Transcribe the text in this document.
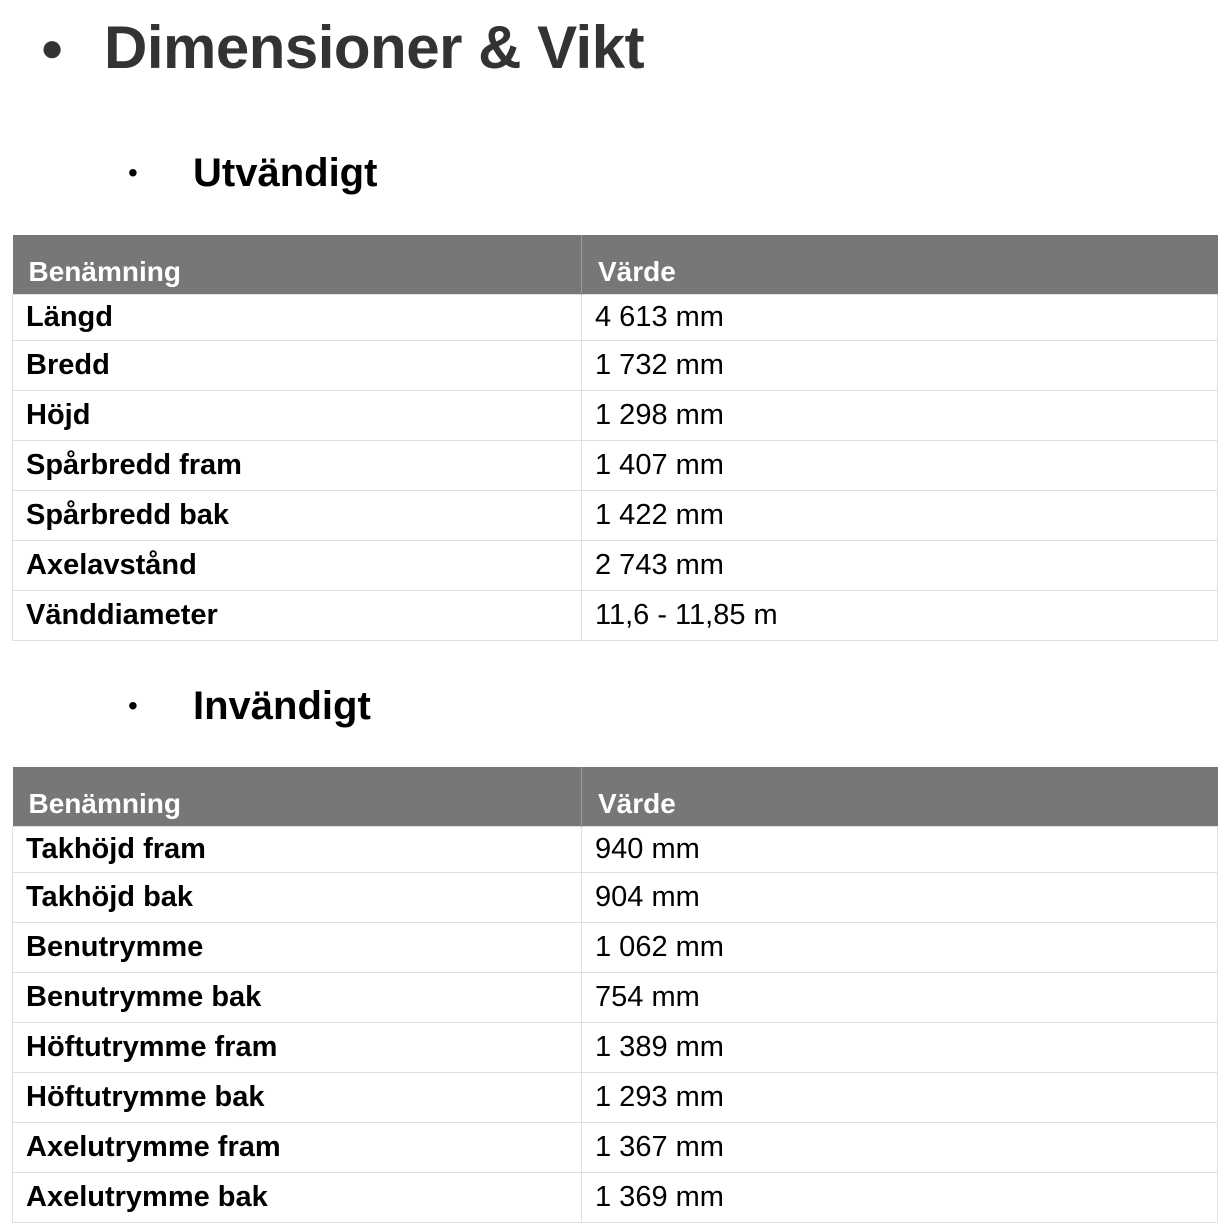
● Dimensioner & Vikt
• Utvändigt
Benämning	Värde

Längd	4 613 mm
Bredd	1 732 mm
Höjd	1 298 mm
Spårbredd fram	1 407 mm
Spårbredd bak	1 422 mm
Axelavstånd	2 743 mm
Vänddiameter	11,6 - 11,85 m
• Invändigt
Benämning	Värde

Takhöjd fram	940 mm
Takhöjd bak	904 mm
Benutrymme	1 062 mm
Benutrymme bak	754 mm
Höftutrymme fram	1 389 mm
Höftutrymme bak	1 293 mm
Axelutrymme fram	1 367 mm
Axelutrymme bak	1 369 mm
